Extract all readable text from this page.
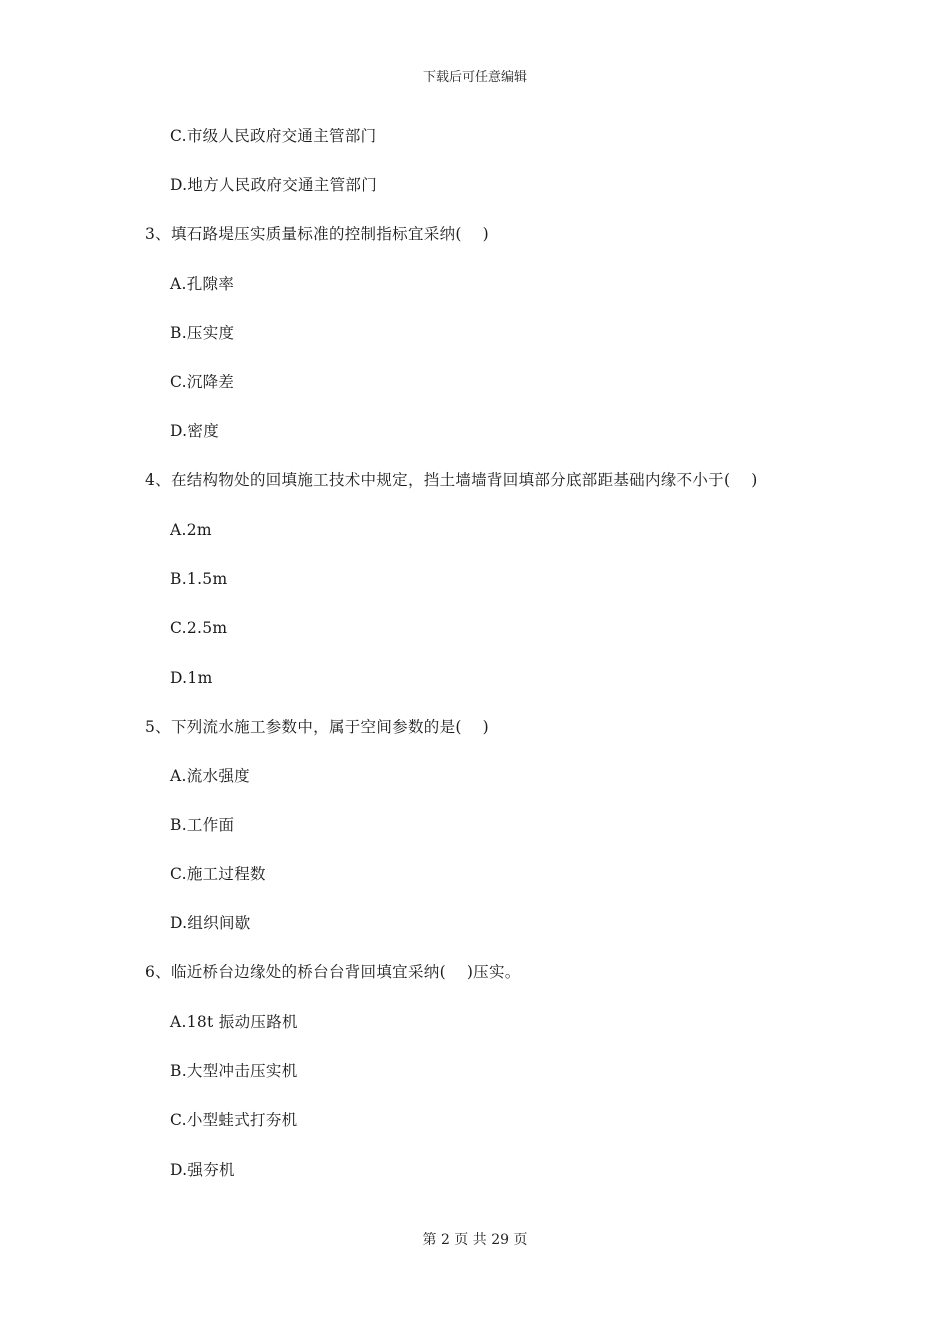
下载后可任意编辑
C.市级人民政府交通主管部门
D.地方人民政府交通主管部门
3、填石路堤压实质量标准的控制指标宜采纳(    )
A.孔隙率
B.压实度
C.沉降差
D.密度
4、在结构物处的回填施工技术中规定，挡土墙墙背回填部分底部距基础内缘不小于(    )
A.2m
B.1.5m
C.2.5m
D.1m
5、下列流水施工参数中，属于空间参数的是(    )
A.流水强度
B.工作面
C.施工过程数
D.组织间歇
6、临近桥台边缘处的桥台台背回填宜采纳(    )压实。
A.18t 振动压路机
B.大型冲击压实机
C.小型蛙式打夯机
D.强夯机
第 2 页 共 29 页
